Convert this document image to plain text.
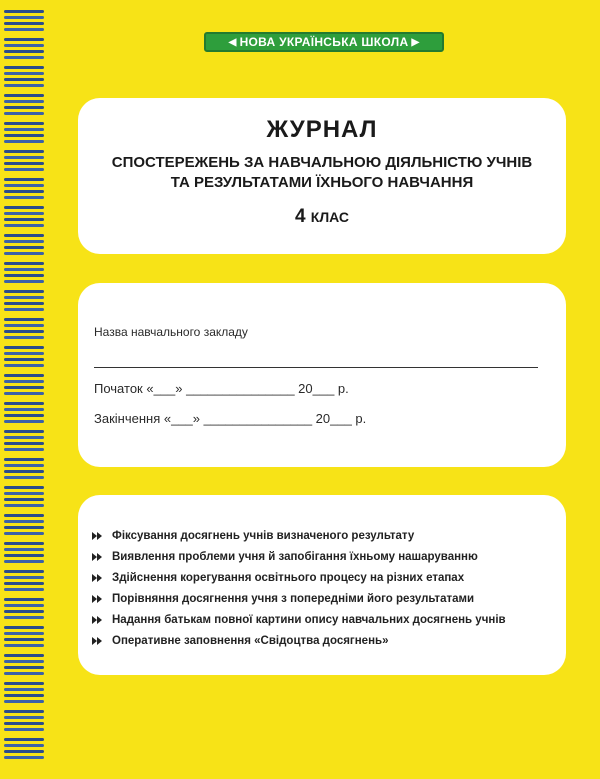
◀ НОВА УКРАЇНСЬКА ШКОЛА ▶
ЖУРНАЛ
СПОСТЕРЕЖЕНЬ ЗА НАВЧАЛЬНОЮ ДІЯЛЬНІСТЮ УЧНІВ
ТА РЕЗУЛЬТАТАМИ ЇХНЬОГО НАВЧАННЯ
4 КЛАС
Назва навчального закладу
Початок «___» _______________ 20___ р.
Закінчення «___» _______________ 20___ р.
Фіксування досягнень учнів визначеного результату
Виявлення проблеми учня й запобігання їхньому нашаруванню
Здійснення корегування освітнього процесу на різних етапах
Порівняння досягнення учня з попередніми його результатами
Надання батькам повної картини опису навчальних досягнень учнів
Оперативне заповнення «Свідоцтва досягнень»
